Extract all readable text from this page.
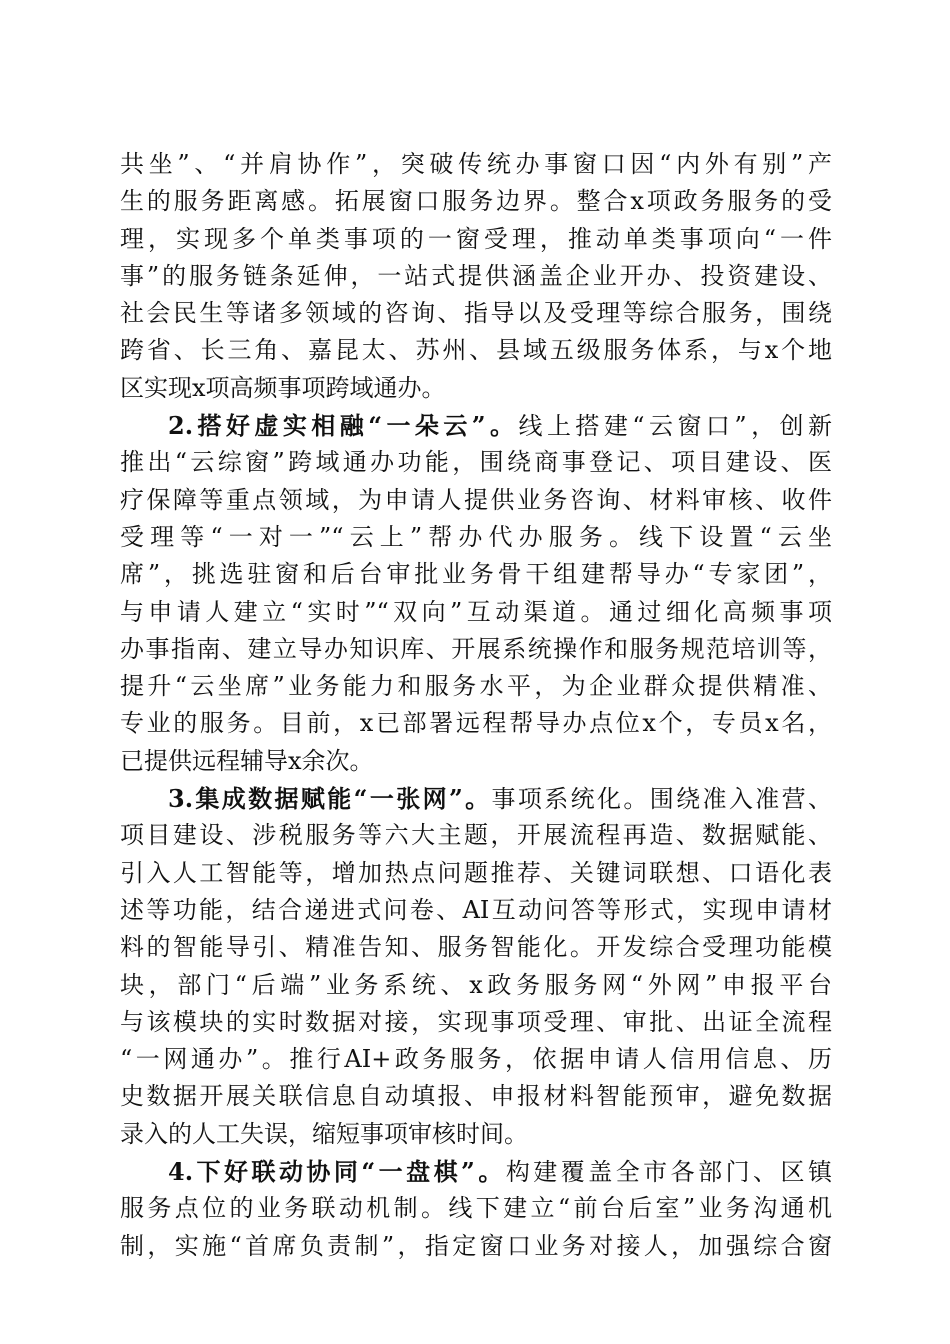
共坐”、“并肩协作”，突破传统办事窗口因“内外有别”产
生的服务距离感。拓展窗口服务边界。整合x项政务服务的受
理，实现多个单类事项的一窗受理，推动单类事项向“一件
事”的服务链条延伸，一站式提供涵盖企业开办、投资建设、
社会民生等诸多领域的咨询、指导以及受理等综合服务，围绕
跨省、长三角、嘉昆太、苏州、县域五级服务体系，与x个地
区实现x项高频事项跨域通办。
2.搭好虚实相融“一朵云”。线上搭建“云窗口”，创新
推出“云综窗”跨域通办功能，围绕商事登记、项目建设、医
疗保障等重点领域，为申请人提供业务咨询、材料审核、收件
受理等“一对一”“云上”帮办代办服务。线下设置“云坐
席”，挑选驻窗和后台审批业务骨干组建帮导办“专家团”，
与申请人建立“实时”“双向”互动渠道。通过细化高频事项
办事指南、建立导办知识库、开展系统操作和服务规范培训等，
提升“云坐席”业务能力和服务水平，为企业群众提供精准、
专业的服务。目前，x已部署远程帮导办点位x个，专员x名，
已提供远程辅导x余次。
3.集成数据赋能“一张网”。事项系统化。围绕准入准营、
项目建设、涉税服务等六大主题，开展流程再造、数据赋能、
引入人工智能等，增加热点问题推荐、关键词联想、口语化表
述等功能，结合递进式问卷、AI互动问答等形式，实现申请材
料的智能导引、精准告知、服务智能化。开发综合受理功能模
块，部门“后端”业务系统、x政务服务网“外网”申报平台
与该模块的实时数据对接，实现事项受理、审批、出证全流程
“一网通办”。推行AI+政务服务，依据申请人信用信息、历
史数据开展关联信息自动填报、申报材料智能预审，避免数据
录入的人工失误，缩短事项审核时间。
4.下好联动协同“一盘棋”。构建覆盖全市各部门、区镇
服务点位的业务联动机制。线下建立“前台后室”业务沟通机
制，实施“首席负责制”，指定窗口业务对接人，加强综合窗
